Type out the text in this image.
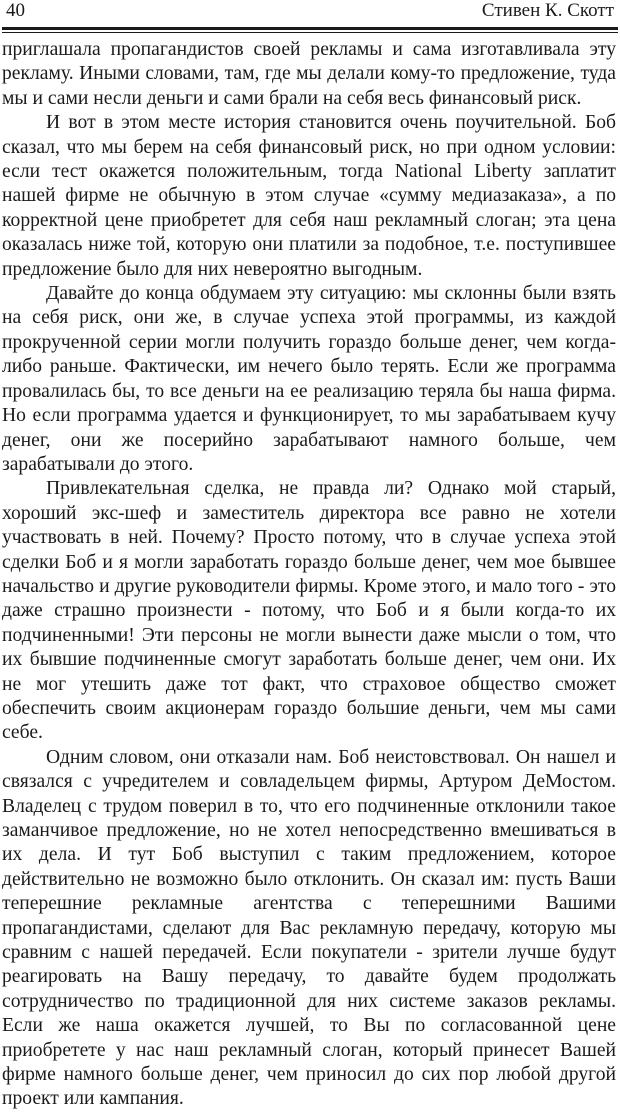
40	Стивен К. Скотт

приглашала пропагандистов своей рекламы и сама изготавливала эту рекламу. Иными словами, там, где мы делали кому-то предложение, туда мы и сами несли деньги и сами брали на себя весь финансовый риск.

И вот в этом месте история становится очень поучительной. Боб сказал, что мы берем на себя финансовый риск, но при одном условии: если тест окажется положительным, тогда National Liberty заплатит нашей фирме не обычную в этом случае «сумму медиазаказа», а по корректной цене приобретет для себя наш рекламный слоган; эта цена оказалась ниже той, которую они платили за подобное, т.е. поступившее предложение было для них невероятно выгодным.

Давайте до конца обдумаем эту ситуацию: мы склонны были взять на себя риск, они же, в случае успеха этой программы, из каждой прокрученной серии могли получить гораздо больше денег, чем когда-либо раньше. Фактически, им нечего было терять. Если же программа провалилась бы, то все деньги на ее реализацию теряла бы наша фирма. Но если программа удается и функционирует, то мы зарабатываем кучу денег, они же посерийно зарабатывают намного больше, чем зарабатывали до этого.

Привлекательная сделка, не правда ли? Однако мой старый, хороший экс-шеф и заместитель директора все равно не хотели участвовать в ней. Почему? Просто потому, что в случае успеха этой сделки Боб и я могли заработать гораздо больше денег, чем мое бывшее начальство и другие руководители фирмы. Кроме этого, и мало того - это даже страшно произнести - потому, что Боб и я были когда-то их подчиненными! Эти персоны не могли вынести даже мысли о том, что их бывшие подчиненные смогут заработать больше денег, чем они. Их не мог утешить даже тот факт, что страховое общество сможет обеспечить своим акционерам гораздо большие деньги, чем мы сами себе.

Одним словом, они отказали нам. Боб неистовствовал. Он нашел и связался с учредителем и совладельцем фирмы, Артуром ДеМостом. Владелец с трудом поверил в то, что его подчиненные отклонили такое заманчивое предложение, но не хотел непосредственно вмешиваться в их дела. И тут Боб выступил с таким предложением, которое действительно не возможно было отклонить. Он сказал им: пусть Ваши теперешние рекламные агентства с теперешними Вашими пропагандистами, сделают для Вас рекламную передачу, которую мы сравним с нашей передачей. Если покупатели - зрители лучше будут реагировать на Вашу передачу, то давайте будем продолжать сотрудничество по традиционной для них системе заказов рекламы. Если же наша окажется лучшей, то Вы по согласованной цене приобретете у нас наш рекламный слоган, который принесет Вашей фирме намного больше денег, чем приносил до сих пор любой другой проект или кампания.
